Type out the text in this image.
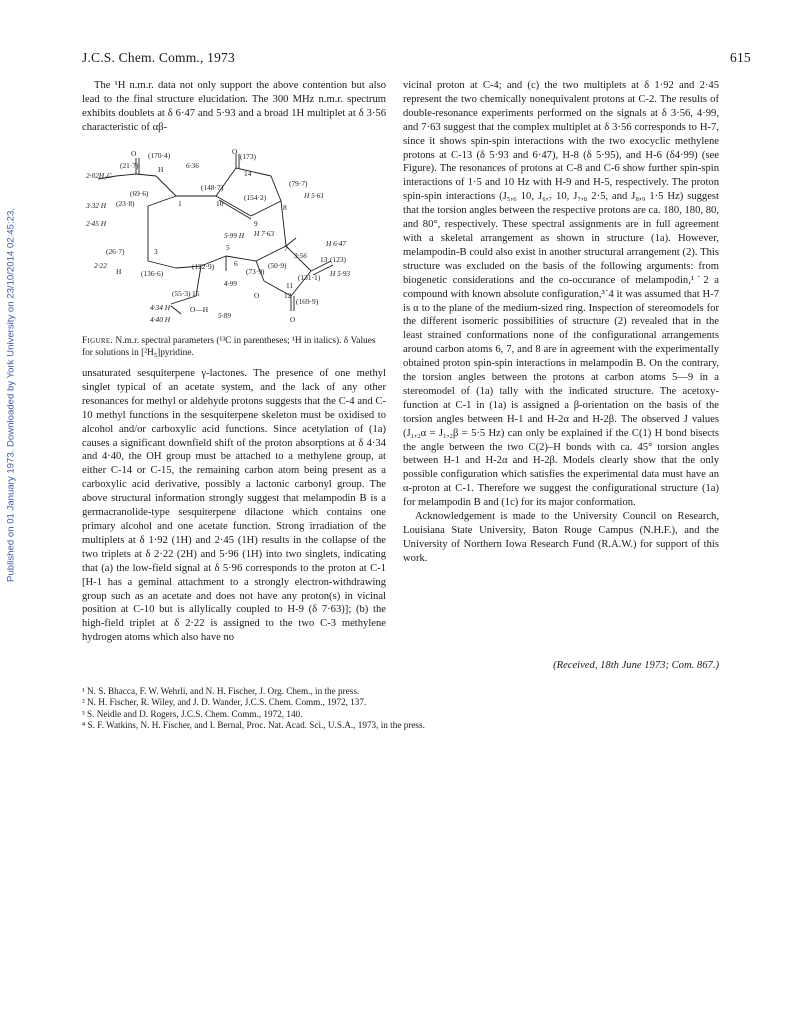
J.C.S. Chem. Comm., 1973	615
Published on 01 January 1973. Downloaded by York University on 23/10/2014 02:45:23.

The ¹H n.m.r. data not only support the above contention but also lead to the final structure elucidation. The 300 MHz n.m.r. spectrum exhibits doublets at δ 6·47 and 5·93 and a broad 1H multiplet at δ 3·56 characteristic of αβ-

(170·4)
O
6·36
(173)
O
(21·7)
2·02H₃C
H	14
(79·7)
(69·6)
(148·7)
(154·2)	H 5·61
3·32 H (23·8)	1	10	8
2·45 H	9
H 7·63
5·99 H
(26·7)	3	5	7
H 6·47
2·22
H	(136·6)
(122·9)	6	(50·9)
3·56 13 (123)
H 5·93
4·99
(73·9)
(131·1)
11
(55·3) 15	O	12
(169·9)
4·34 H	O—H
4·40 H	5·89	O
Figure. N.m.r. spectral parameters (¹³C in parentheses; ¹H in italics). δ Values for solutions in [²H₅]pyridine.

unsaturated sesquiterpene γ-lactones. The presence of one methyl singlet typical of an acetate system, and the lack of any other resonances for methyl or aldehyde protons suggests that the C-4 and C-10 methyl functions in the sesquiterpene skeleton must be oxidised to alcohol and/or carboxylic acid functions. Since acetylation of (1a) causes a significant downfield shift of the proton absorptions at δ 4·34 and 4·40, the OH group must be attached to a methylene group, at either C-14 or C-15, the remaining carbon atom being present as a carboxylic acid derivative, possibly a lactonic carbonyl group. The above structural information strongly suggest that melampodin B is a germacranolide-type sesquiterpene dilactone which contains one primary alcohol and one acetate function. Strong irradiation of the multiplets at δ 1·92 (1H) and 2·45 (1H) results in the collapse of the two triplets at δ 2·22 (2H) and 5·96 (1H) into two singlets, indicating that (a) the low-field signal at δ 5·96 corresponds to the proton at C-1 [H-1 has a geminal attachment to a strongly electron-withdrawing group such as an acetate and does not have any proton(s) in vicinal position at C-10 but is allylically coupled to H-9 (δ 7·63)]; (b) the high-field triplet at δ 2·22 is assigned to the two C-3 methylene hydrogen atoms which also have no

vicinal proton at C-4; and (c) the two multiplets at δ 1·92 and 2·45 represent the two chemically nonequivalent protons at C-2. The results of double-resonance experiments performed on the signals at δ 3·56, 4·99, and 7·63 suggest that the complex multiplet at δ 3·56 corresponds to H-7, since it shows spin-spin interactions with the two exocyclic methylene protons at C-13 (δ 5·93 and 6·47), H-8 (δ 5·95), and H-6 (δ4·99) (see Figure). The resonances of protons at C-8 and C-6 show further spin-spin interactions of 1·5 and 10 Hz with H-9 and H-5, respectively. The proton spin-spin interactions (J₅,₆ 10, J₆,₇ 10, J₇,₈ 2·5, and J₈,₉ 1·5 Hz) suggest that the torsion angles between the respective protons are ca. 180, 180, 80, and 80°, respectively. These spectral assignments are in full agreement with a skeletal arrangement as shown in structure (1a). However, melampodin-B could also exist in another structural arrangement (2). This structure was excluded on the basis of the following arguments: from biogenetic considerations and the co-occurance of melampodin,¹˙2 a compound with known absolute configuration,³˙4 it was assumed that H-7 is α to the plane of the medium-sized ring. Inspection of stereomodels for the different isomeric possibilities of structure (2) revealed that in the least strained conformations none of the configurational arrangements around carbon atoms 6, 7, and 8 are in agreement with the experimentally obtained proton spin-spin interactions in melampodin B. On the contrary, the torsion angles between the protons at carbon atoms 5—9 in a stereomodel of (1a) tally with the indicated structure. The acetoxy-function at C-1 in (1a) is assigned a β-orientation on the basis of the torsion angles between H-1 and H-2α and H-2β. The observed J values (J₁,₂α = J₁,₂β = 5·5 Hz) can only be explained if the C(1) H bond bisects the angle between the two C(2)–H bonds with ca. 45° torsion angles between H-1 and H-2α and H-2β. Models clearly show that the only possible configuration which satisfies the experimental data must have an α-proton at C-1. Therefore we suggest the configurational structure (1a) for melampodin B and (1c) for its major conformation.

Acknowledgement is made to the University Council on Research, Louisiana State University, Baton Rouge Campus (N.H.F.), and the University of Northern Iowa Research Fund (R.A.W.) for support of this work.

(Received, 18th June 1973; Com. 867.)
¹ N. S. Bhacca, F. W. Wehrli, and N. H. Fischer, J. Org. Chem., in the press.
² N. H. Fischer, R. Wiley, and J. D. Wander, J.C.S. Chem. Comm., 1972, 137.
³ S. Neidle and D. Rogers, J.C.S. Chem. Comm., 1972, 140.
⁴ S. F. Watkins, N. H. Fischer, and I. Bernal, Proc. Nat. Acad. Sci., U.S.A., 1973, in the press.
